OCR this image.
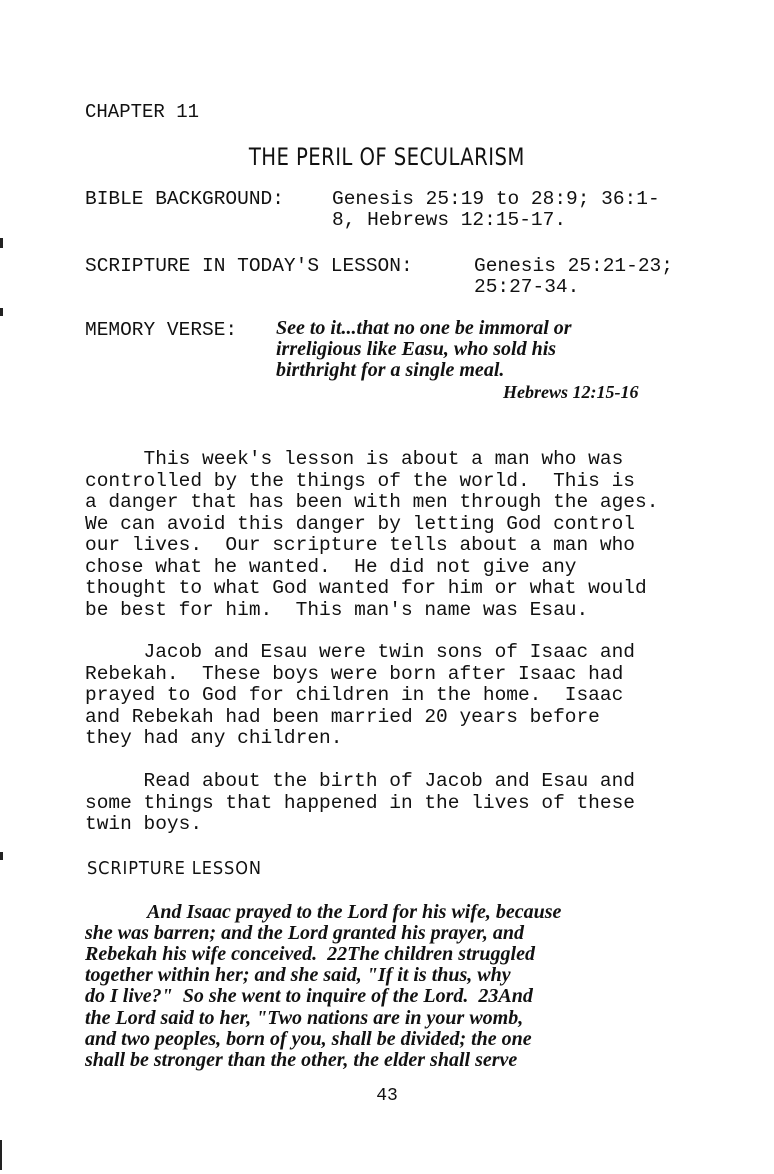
CHAPTER 11
THE PERIL OF SECULARISM
BIBLE BACKGROUND: Genesis 25:19 to 28:9; 36:1-
8, Hebrews 12:15-17.
SCRIPTURE IN TODAY'S LESSON:	Genesis 25:21-23;
25:27-34.
MEMORY VERSE: See to it...that no one be immoral or
irreligious like Easu, who sold his
birthright for a single meal.
Hebrews 12:15-16
This week's lesson is about a man who was
controlled by the things of the world.  This is
a danger that has been with men through the ages.
We can avoid this danger by letting God control
our lives.  Our scripture tells about a man who
chose what he wanted.  He did not give any
thought to what God wanted for him or what would
be best for him.  This man's name was Esau.
Jacob and Esau were twin sons of Isaac and
Rebekah.  These boys were born after Isaac had
prayed to God for children in the home.  Isaac
and Rebekah had been married 20 years before
they had any children.
Read about the birth of Jacob and Esau and
some things that happened in the lives of these
twin boys.
SCRIPTURE LESSON
And Isaac prayed to the Lord for his wife, because
she was barren; and the Lord granted his prayer, and
Rebekah his wife conceived.  22The children struggled
together within her; and she said, "If it is thus, why
do I live?"  So she went to inquire of the Lord.  23And
the Lord said to her, "Two nations are in your womb,
and two peoples, born of you, shall be divided; the one
shall be stronger than the other, the elder shall serve
43
